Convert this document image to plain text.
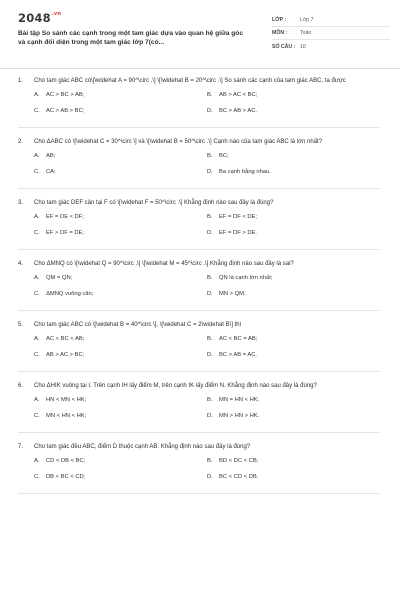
$2048^{.vn}$
Bài tập So sánh các cạnh trong một tam giác dựa vào quan hệ giữa góc và cạnh đối diện trong một tam giác lớp 7(có...
LỚP :	Lớp 7
MÔN :	Toán
SỐ CÂU : 10
1.	Cho tam giác ABC có\[\widehat A = 90^\circ .\] \[\widehat B = 20^\circ .\] So sánh các cạnh của tam giác ABC, ta được
A.	AC > BC > AB;	B.	AB > AC < BC;
C.	AC > AB > BC;	D.	BC > AB > AC.
2.	Cho ΔABC có \[\widehat C = 30^\circ \] và \[\widehat B = 50^\circ .\] Cạnh nào của tam giác ABC là lớn nhất?
A.	AB;	B.	BC;
C.	CA;	D.	Ba cạnh bằng nhau.
3.	Cho tam giác DEF cân tại F có \[\widehat F = 50^\circ .\] Khẳng định nào sau đây là đúng?
A.	EF = DE < DF;	B.	EF = DF < DE;
C.	EF > DF = DE;	D.	EF = DF > DE.
4.	Cho ΔMNQ có \[\widehat Q = 90^\circ ,\] \[\widehat M = 45^\circ .\] Khẳng định nào sau đây là sai?
A.	QM = QN;	B.	QN là cạnh lớn nhất;
C.	ΔMNQ vuông cân;	D.	MN > QM.
5.	Cho tam giác ABC có \[\widehat B = 40^\circ \], \[\widehat C = 2\widehat B\] thì
A.	AC < BC < AB;	B.	AC < BC = AB;
C.	AB > AC > BC;	D.	BC > AB = AC.
6.	Cho ΔHIK vuông tại I. Trên cạnh IH lấy điểm M, trên cạnh IK lấy điểm N. Khẳng định nào sau đây là đúng?
A.	HN < MN < HK;	B.	MN = HN < HK;
C.	MN < HN < HK;	D.	MN > HN > HK.
7.	Cho tam giác đều ABC, điểm D thuộc cạnh AB. Khẳng định nào sau đây là đúng?
A.	CD < DB < BC;	B.	BD < DC < CB;
C.	DB < BC < CD;	D.	BC < CD < DB.
